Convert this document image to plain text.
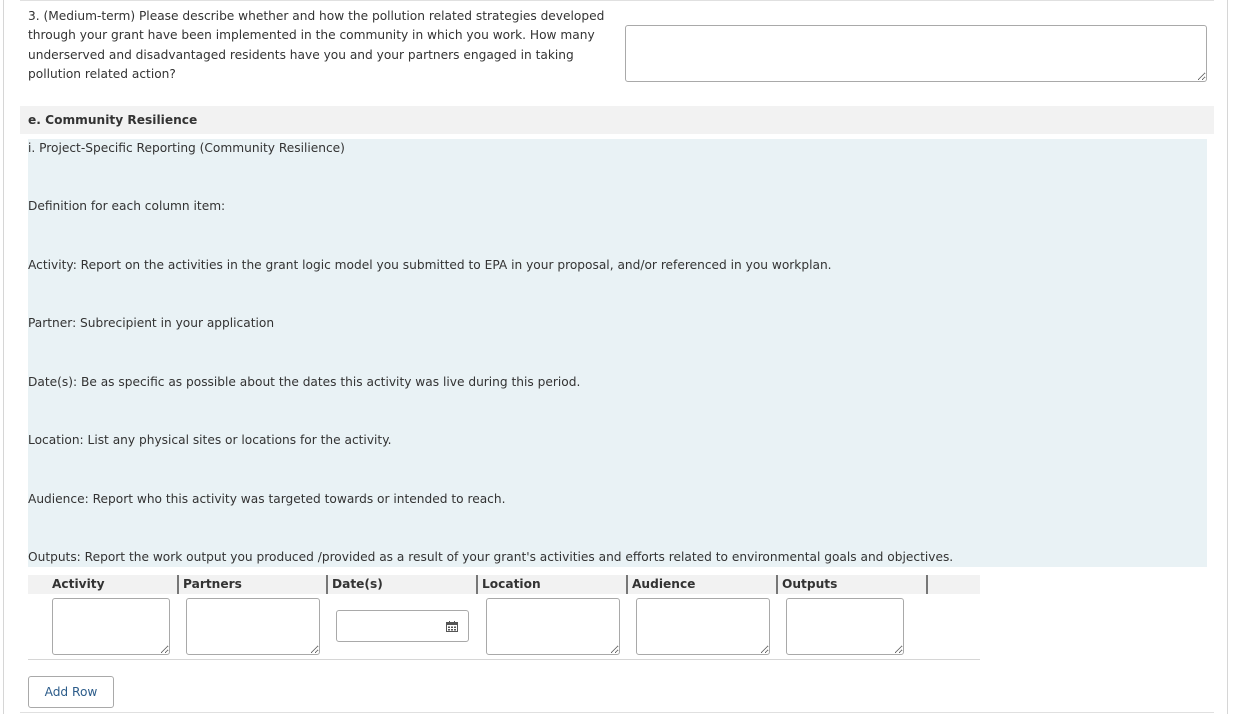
3. (Medium-term) Please describe whether and how the pollution related strategies developed through your grant have been implemented in the community in which you work. How many underserved and disadvantaged residents have you and your partners engaged in taking pollution related action?
e. Community Resilience
i. Project-Specific Reporting (Community Resilience)
Definition for each column item:
Activity: Report on the activities in the grant logic model you submitted to EPA in your proposal, and/or referenced in you workplan.
Partner: Subrecipient in your application
Date(s): Be as specific as possible about the dates this activity was live during this period.
Location: List any physical sites or locations for the activity.
Audience: Report who this activity was targeted towards or intended to reach.
Outputs: Report the work output you produced /provided as a result of your grant's activities and efforts related to environmental goals and objectives.
Activity	Partners	Date(s)	Location	Audience	Outputs
Add Row
